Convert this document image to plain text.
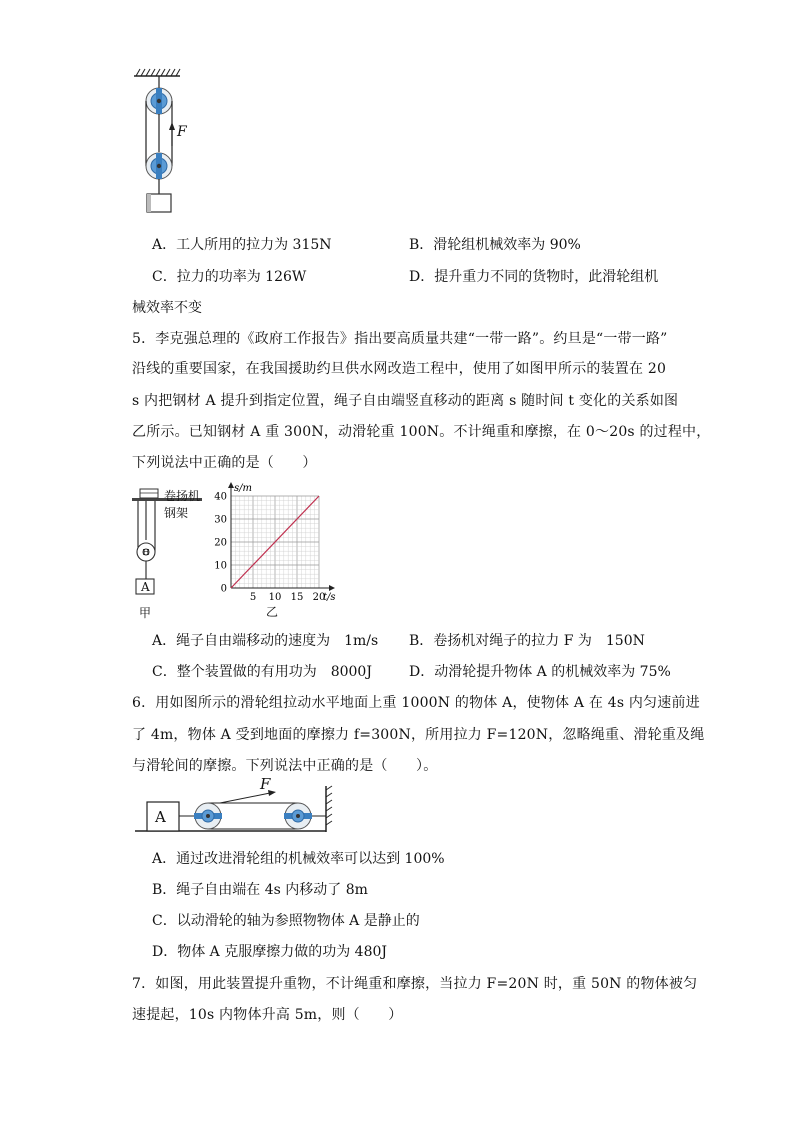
F
A．工人所用的拉力为 315N	B．滑轮组机械效率为 90%
C．拉力的功率为 126W	D．提升重力不同的货物时，此滑轮组机
械效率不变
5．李克强总理的《政府工作报告》指出要高质量共建“一带一路”。约旦是“一带一路”
沿线的重要国家，在我国援助约旦供水网改造工程中，使用了如图甲所示的装置在 20
s 内把钢材 A 提升到指定位置，绳子自由端竖直移动的距离 s 随时间 t 变化的关系如图
乙所示。已知钢材 A 重 300N，动滑轮重 100N。不计绳重和摩擦，在 0～20s 的过程中，
下列说法中正确的是（　　）
H
卷扬机
钢架
A
甲
s/m
t/s
0
10
20
30
40
5 10 15 20
乙
A．绳子自由端移动的速度为　1m/s B．卷扬机对绳子的拉力 F 为　150N
C．整个装置做的有用功为　8000J	D．动滑轮提升物体 A 的机械效率为 75%
6．用如图所示的滑轮组拉动水平地面上重 1000N 的物体 A，使物体 A 在 4s 内匀速前进
了 4m，物体 A 受到地面的摩擦力 f=300N，所用拉力 F=120N，忽略绳重、滑轮重及绳
与滑轮间的摩擦。下列说法中正确的是（　　）。
A
F
A．通过改进滑轮组的机械效率可以达到 100%
B．绳子自由端在 4s 内移动了 8m
C．以动滑轮的轴为参照物物体 A 是静止的
D．物体 A 克服摩擦力做的功为 480J
7．如图，用此装置提升重物，不计绳重和摩擦，当拉力 F=20N 时，重 50N 的物体被匀
速提起，10s 内物体升高 5m，则（　　）
